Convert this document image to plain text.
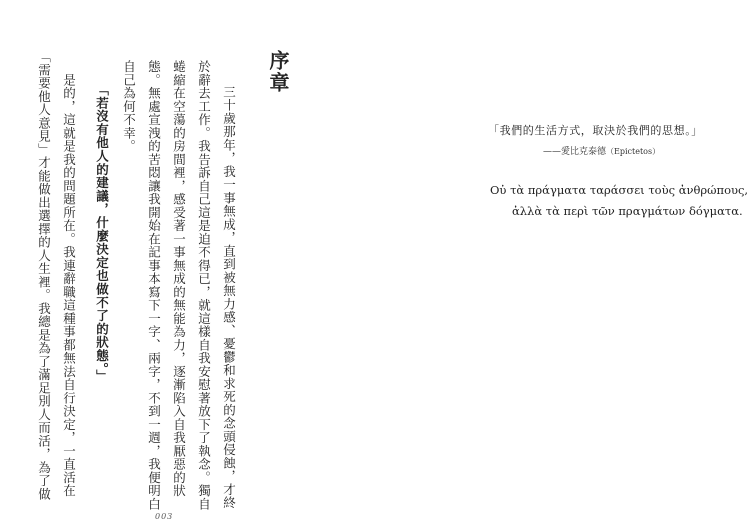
序章
　三十歲那年，我一事無成，直到被無力感、憂鬱和求死的念頭侵蝕，才終
於辭去工作。我告訴自己這是迫不得已，就這樣自我安慰著放下了執念。獨自
蜷縮在空蕩的房間裡，感受著一事無成的無能為力，逐漸陷入自我厭惡的狀
態。無處宣洩的苦悶讓我開始在記事本寫下一字、兩字，不到一週，我便明白
自己為何不幸。
「若沒有他人的建議，什麼決定也做不了的狀態。」
　是的，這就是我的問題所在。我連辭職這種事都無法自行決定，一直活在
「需要他人意見」才能做出選擇的人生裡。我總是為了滿足別人而活，為了做
003
「我們的生活方式，取決於我們的思想。」
——愛比克泰德（Epictetos）
Οὐ τὰ πράγματα ταράσσει τοὺς ἀνθρώπους,
ἀλλὰ τὰ περὶ τῶν πραγμάτων δόγματα.
